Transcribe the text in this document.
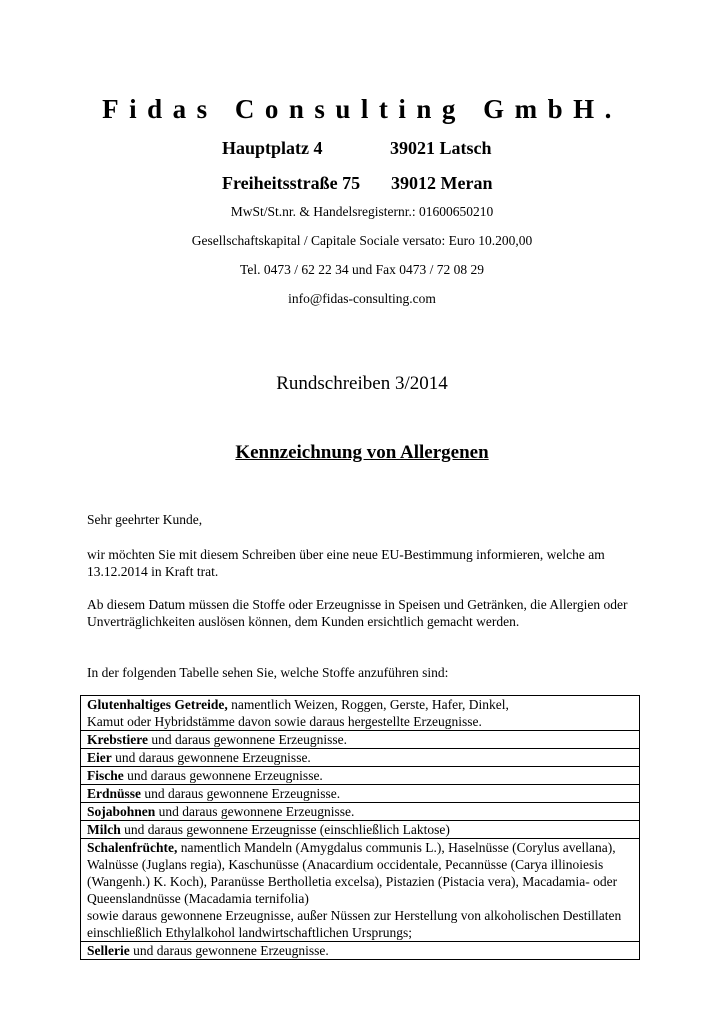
Fidas Consulting GmbH.
Hauptplatz 4	39021 Latsch
Freiheitsstraße 75 39012 Meran
MwSt/St.nr. & Handelsregisternr.: 01600650210
Gesellschaftskapital / Capitale Sociale versato: Euro 10.200,00
Tel. 0473 / 62 22 34 und Fax 0473 / 72 08 29
info@fidas-consulting.com
Rundschreiben 3/2014
Kennzeichnung von Allergenen
Sehr geehrter Kunde,
wir möchten Sie mit diesem Schreiben über eine neue EU-Bestimmung informieren, welche am 13.12.2014 in Kraft trat.
Ab diesem Datum müssen die Stoffe oder Erzeugnisse in Speisen und Getränken, die Allergien oder Unverträglichkeiten auslösen können, dem Kunden ersichtlich gemacht werden.
In der folgenden Tabelle sehen Sie, welche Stoffe anzuführen sind:
Glutenhaltiges Getreide, namentlich Weizen, Roggen, Gerste, Hafer, Dinkel,
Kamut oder Hybridstämme davon sowie daraus hergestellte Erzeugnisse.
Krebstiere und daraus gewonnene Erzeugnisse.
Eier und daraus gewonnene Erzeugnisse.
Fische und daraus gewonnene Erzeugnisse.
Erdnüsse und daraus gewonnene Erzeugnisse.
Sojabohnen und daraus gewonnene Erzeugnisse.
Milch und daraus gewonnene Erzeugnisse (einschließlich Laktose)
Schalenfrüchte, namentlich Mandeln (Amygdalus communis L.), Haselnüsse (Corylus avellana), Walnüsse (Juglans regia), Kaschunüsse (Anacardium occidentale, Pecannüsse (Carya illinoiesis (Wangenh.) K. Koch), Paranüsse Bertholletia excelsa), Pistazien (Pistacia vera), Macadamia- oder Queenslandnüsse (Macadamia ternifolia)
sowie daraus gewonnene Erzeugnisse, außer Nüssen zur Herstellung von alkoholischen Destillaten einschließlich Ethylalkohol landwirtschaftlichen Ursprungs;
Sellerie und daraus gewonnene Erzeugnisse.
